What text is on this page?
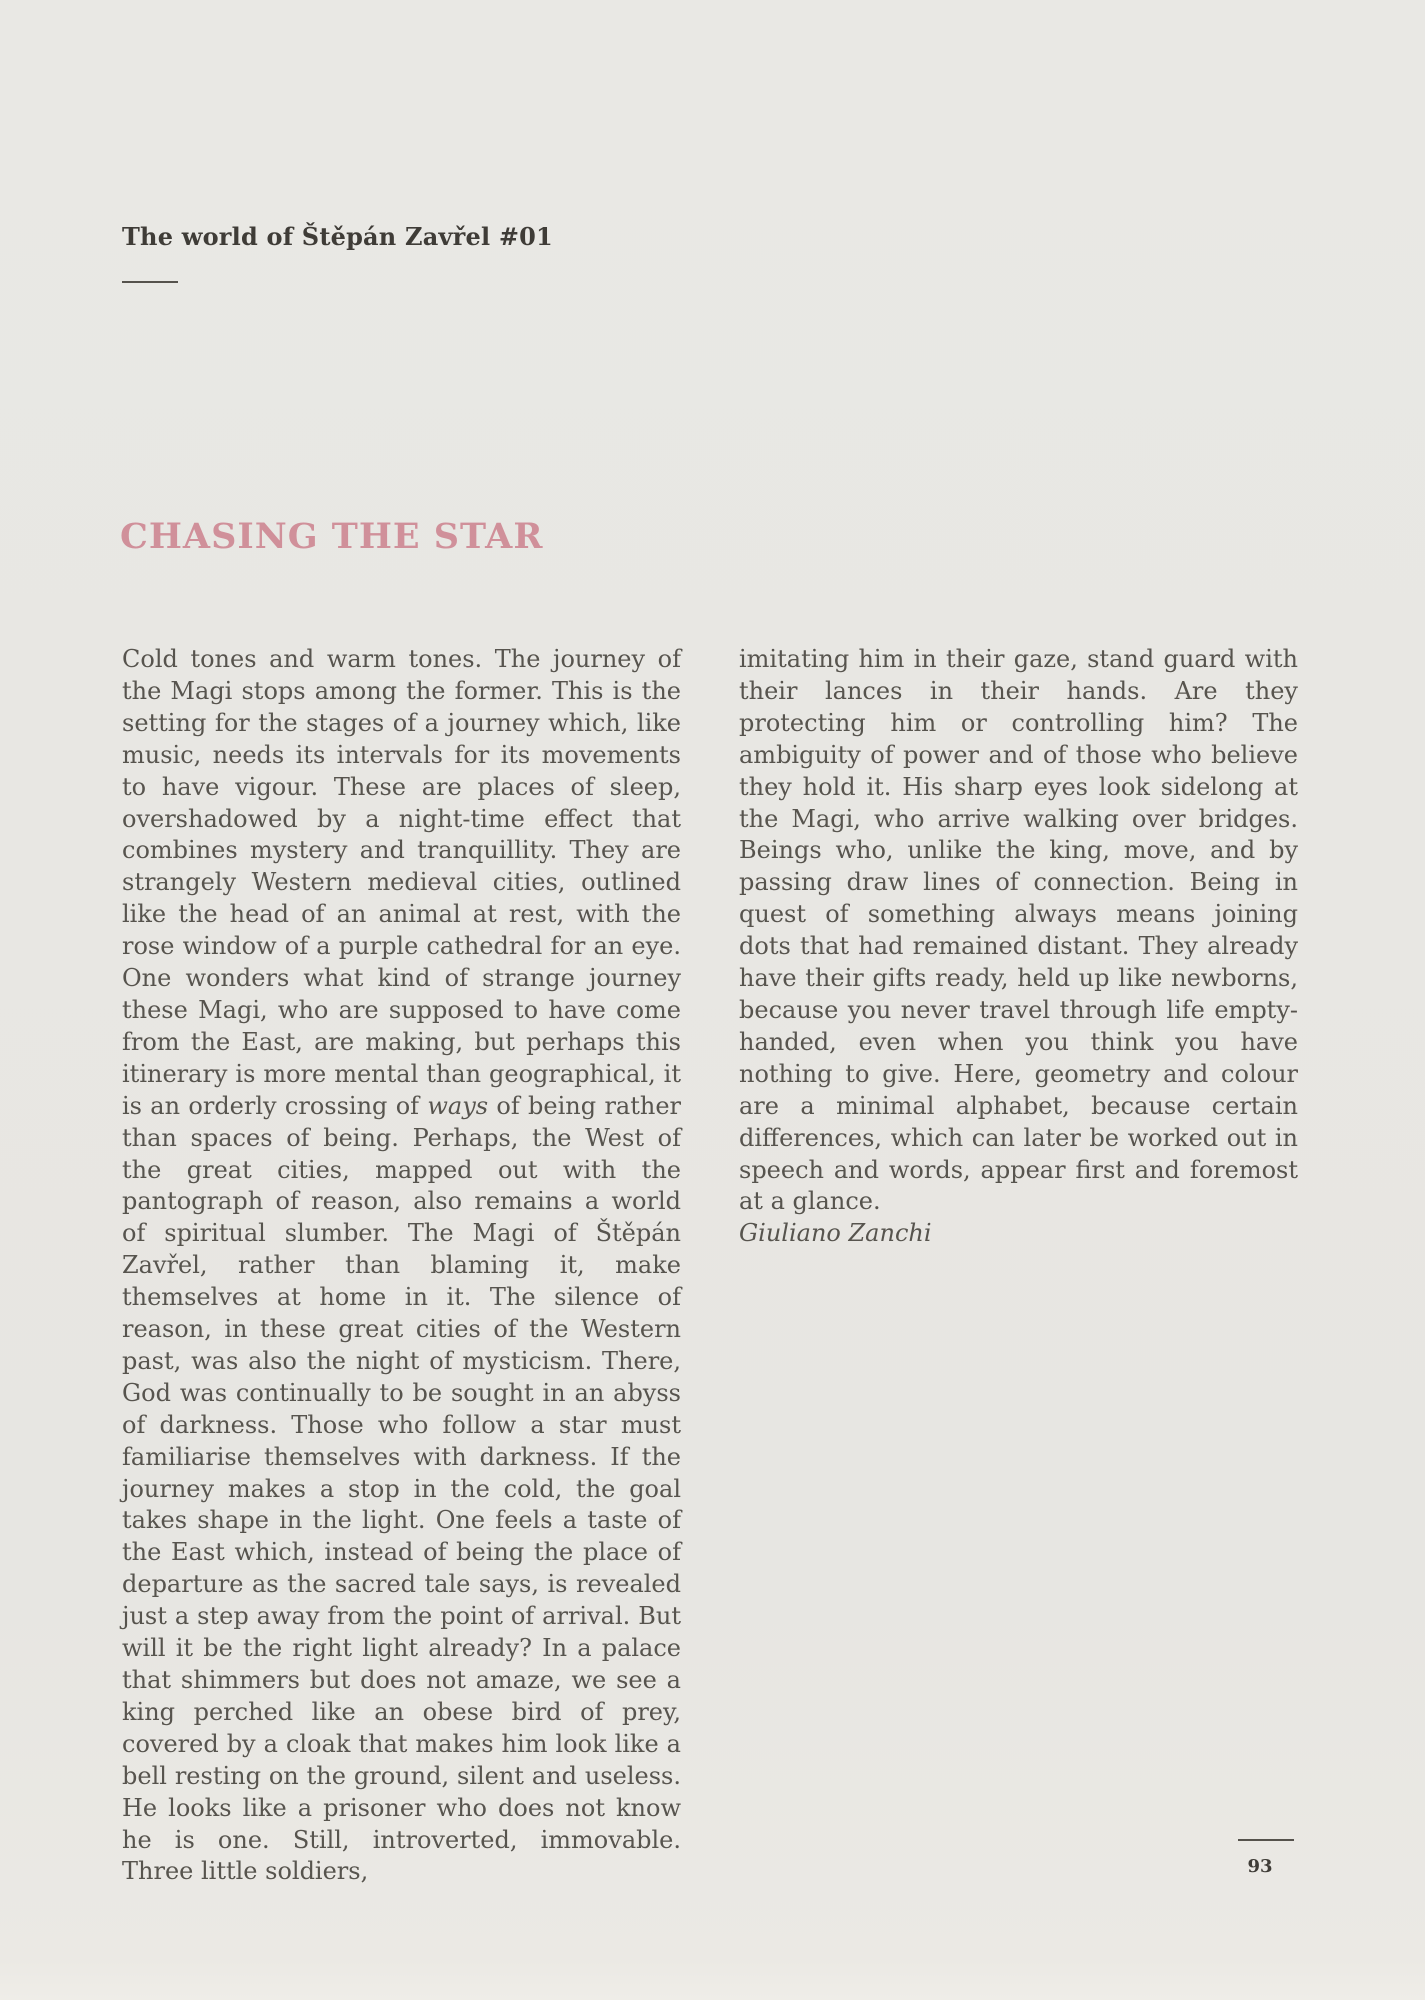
The world of Štěpán Zavřel #01
CHASING THE STAR

Cold tones and warm tones. The journey of the Magi stops among the former. This is the setting for the stages of a journey which, like music, needs its intervals for its movements to have vigour. These are places of sleep, overshadowed by a night-time effect that combines mystery and tranquillity. They are strangely Western medieval cities, outlined like the head of an animal at rest, with the rose window of a purple cathedral for an eye. One wonders what kind of strange journey these Magi, who are supposed to have come from the East, are making, but perhaps this itinerary is more mental than geographical, it is an orderly crossing of ways of being rather than spaces of being. Perhaps, the West of the great cities, mapped out with the pantograph of reason, also remains a world of spiritual slumber. The Magi of Štěpán Zavřel, rather than blaming it, make themselves at home in it. The silence of reason, in these great cities of the Western past, was also the night of mysticism. There, God was continually to be sought in an abyss of darkness. Those who follow a star must familiarise themselves with darkness. If the journey makes a stop in the cold, the goal takes shape in the light. One feels a taste of the East which, instead of being the place of departure as the sacred tale says, is revealed just a step away from the point of arrival. But will it be the right light already? In a palace that shimmers but does not amaze, we see a king perched like an obese bird of prey, covered by a cloak that makes him look like a bell resting on the ground, silent and useless. He looks like a prisoner who does not know he is one. Still, introverted, immovable. Three little soldiers,

imitating him in their gaze, stand guard with their lances in their hands. Are they protecting him or controlling him? The ambiguity of power and of those who believe they hold it. His sharp eyes look sidelong at the Magi, who arrive walking over bridges. Beings who, unlike the king, move, and by passing draw lines of connection. Being in quest of something always means joining dots that had remained distant. They already have their gifts ready, held up like newborns, because you never travel through life empty-handed, even when you think you have nothing to give. Here, geometry and colour are a minimal alphabet, because certain differences, which can later be worked out in speech and words, appear first and foremost at a glance.

Giuliano Zanchi

93
